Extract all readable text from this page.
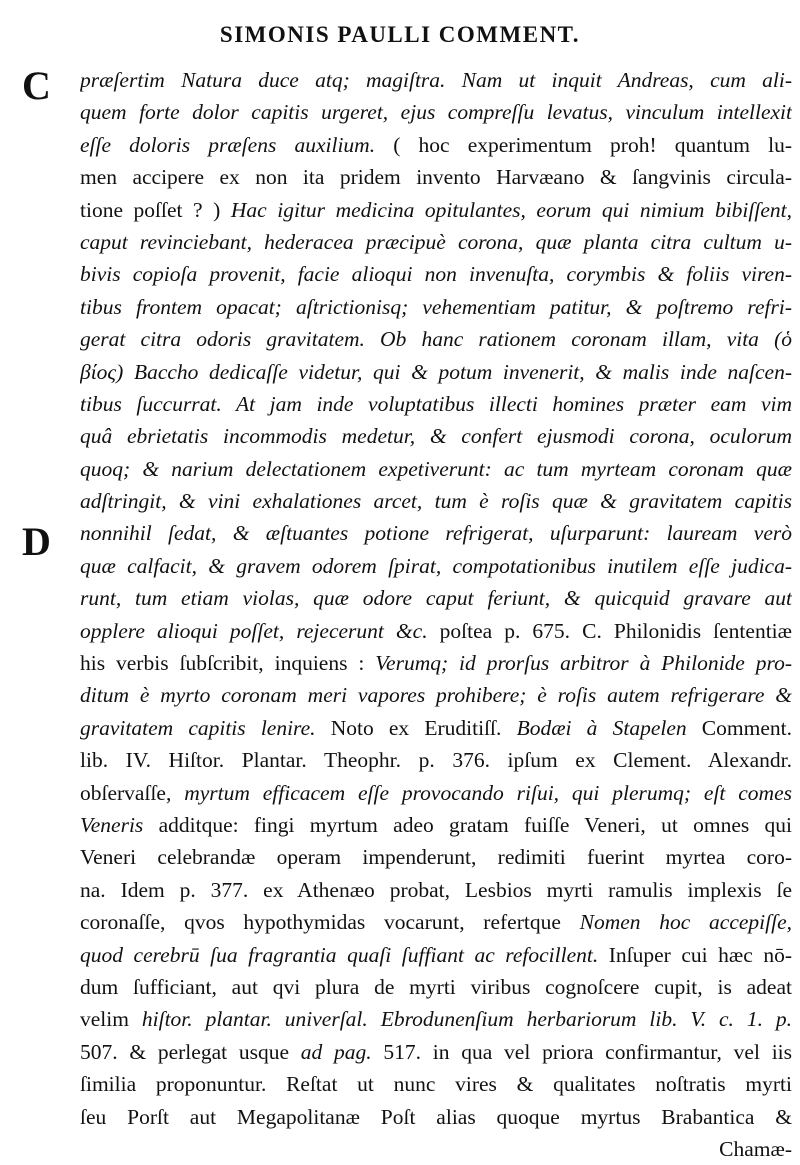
SIMONIS PAULLI COMMENT.
C
D
præſertim Natura duce atq; magiſtra. Nam ut inquit Andreas, cum ali-
quem forte dolor capitis urgeret, ejus compreſſu levatus, vinculum intellexit
eſſe doloris præſens auxilium. ( hoc experimentum proh! quantum lu-
men accipere ex non ita pridem invento Harvæano & ſangvinis circula-
tione poſſet ? ) Hac igitur medicina opitulantes, eorum qui nimium bibiſſent,
caput revinciebant, hederacea præcipuè corona, quæ planta citra cultum u-
bivis copioſa provenit, facie alioqui non invenuſta, corymbis & foliis viren-
tibus frontem opacat; aſtrictionisq; vehementiam patitur, & poſtremo refri-
gerat citra odoris gravitatem. Ob hanc rationem coronam illam, vita (ὁ
βίος) Baccho dedicaſſe videtur, qui & potum invenerit, & malis inde naſcen-
tibus ſuccurrat. At jam inde voluptatibus illecti homines præter eam vim
quâ ebrietatis incommodis medetur, & confert ejusmodi corona, oculorum
quoq; & narium delectationem expetiverunt: ac tum myrteam coronam quæ
adſtringit, & vini exhalationes arcet, tum è roſis quæ & gravitatem capitis
nonnihil ſedat, & æſtuantes potione refrigerat, uſurparunt: lauream verò
quæ calfacit, & gravem odorem ſpirat, compotationibus inutilem eſſe judica-
runt, tum etiam violas, quæ odore caput feriunt, & quicquid gravare aut
opplere alioqui poſſet, rejecerunt &c. poſtea p. 675. C. Philonidis ſententiæ
his verbis ſubſcribit, inquiens : Verumq; id prorſus arbitror à Philonide pro-
ditum è myrto coronam meri vapores prohibere; è roſis autem refrigerare &
gravitatem capitis lenire. Noto ex Eruditiſſ. Bodæi à Stapelen Comment.
lib. IV. Hiſtor. Plantar. Theophr. p. 376. ipſum ex Clement. Alexandr.
obſervaſſe, myrtum efficacem eſſe provocando riſui, qui plerumq; eſt comes
Veneris additque: fingi myrtum adeo gratam fuiſſe Veneri, ut omnes qui
Veneri celebrandæ operam impenderunt, redimiti fuerint myrtea coro-
na. Idem p. 377. ex Athenæo probat, Lesbios myrti ramulis implexis ſe
coronaſſe, qvos hypothymidas vocarunt, refertque Nomen hoc accepiſſe,
quod cerebrū ſua fragrantia quaſi ſuffiant ac refocillent. Inſuper cui hæc nō-
dum ſufficiant, aut qvi plura de myrti viribus cognoſcere cupit, is adeat
velim hiſtor. plantar. univerſal. Ebrodunenſium herbariorum lib. V. c. 1. p.
507. & perlegat usque ad pag. 517. in qua vel priora confirmantur, vel iis
ſimilia proponuntur. Reſtat ut nunc vires & qualitates noſtratis myrti
ſeu Porſt aut Megapolitanæ Poſt alias quoque myrtus Brabantica &
Chamæ-
